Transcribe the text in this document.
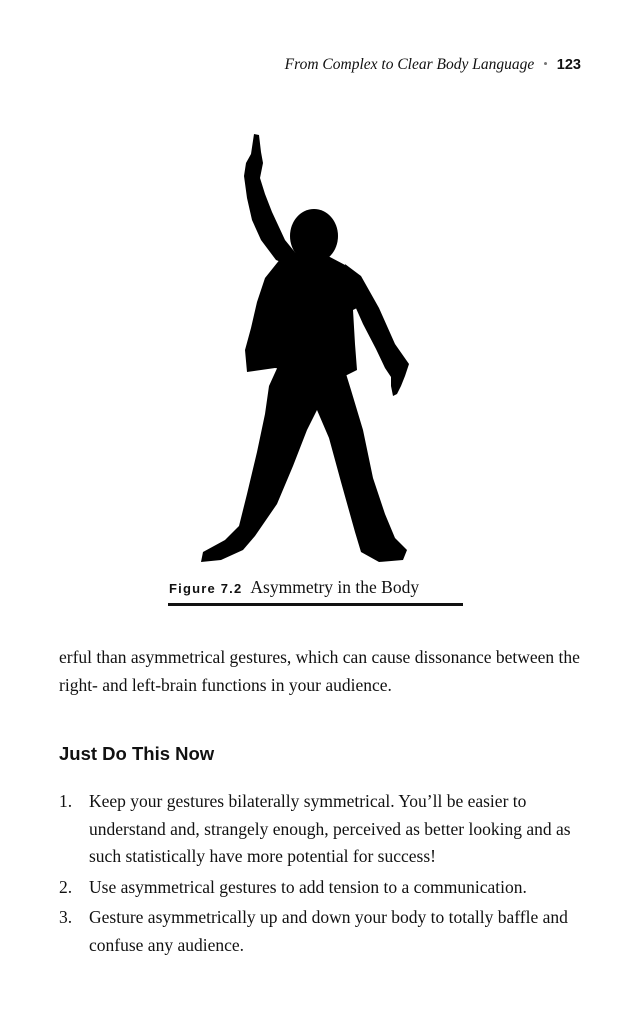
From Complex to Clear Body Language • 123
Figure 7.2 Asymmetry in the Body

erful than asymmetrical gestures, which can cause dissonance between the right- and left-brain functions in your audience.

Just Do This Now
1. Keep your gestures bilaterally symmetrical. You’ll be easier to understand and, strangely enough, perceived as better looking and as such statistically have more potential for success!
2. Use asymmetrical gestures to add tension to a communication.
3. Gesture asymmetrically up and down your body to totally baffle and confuse any audience.
